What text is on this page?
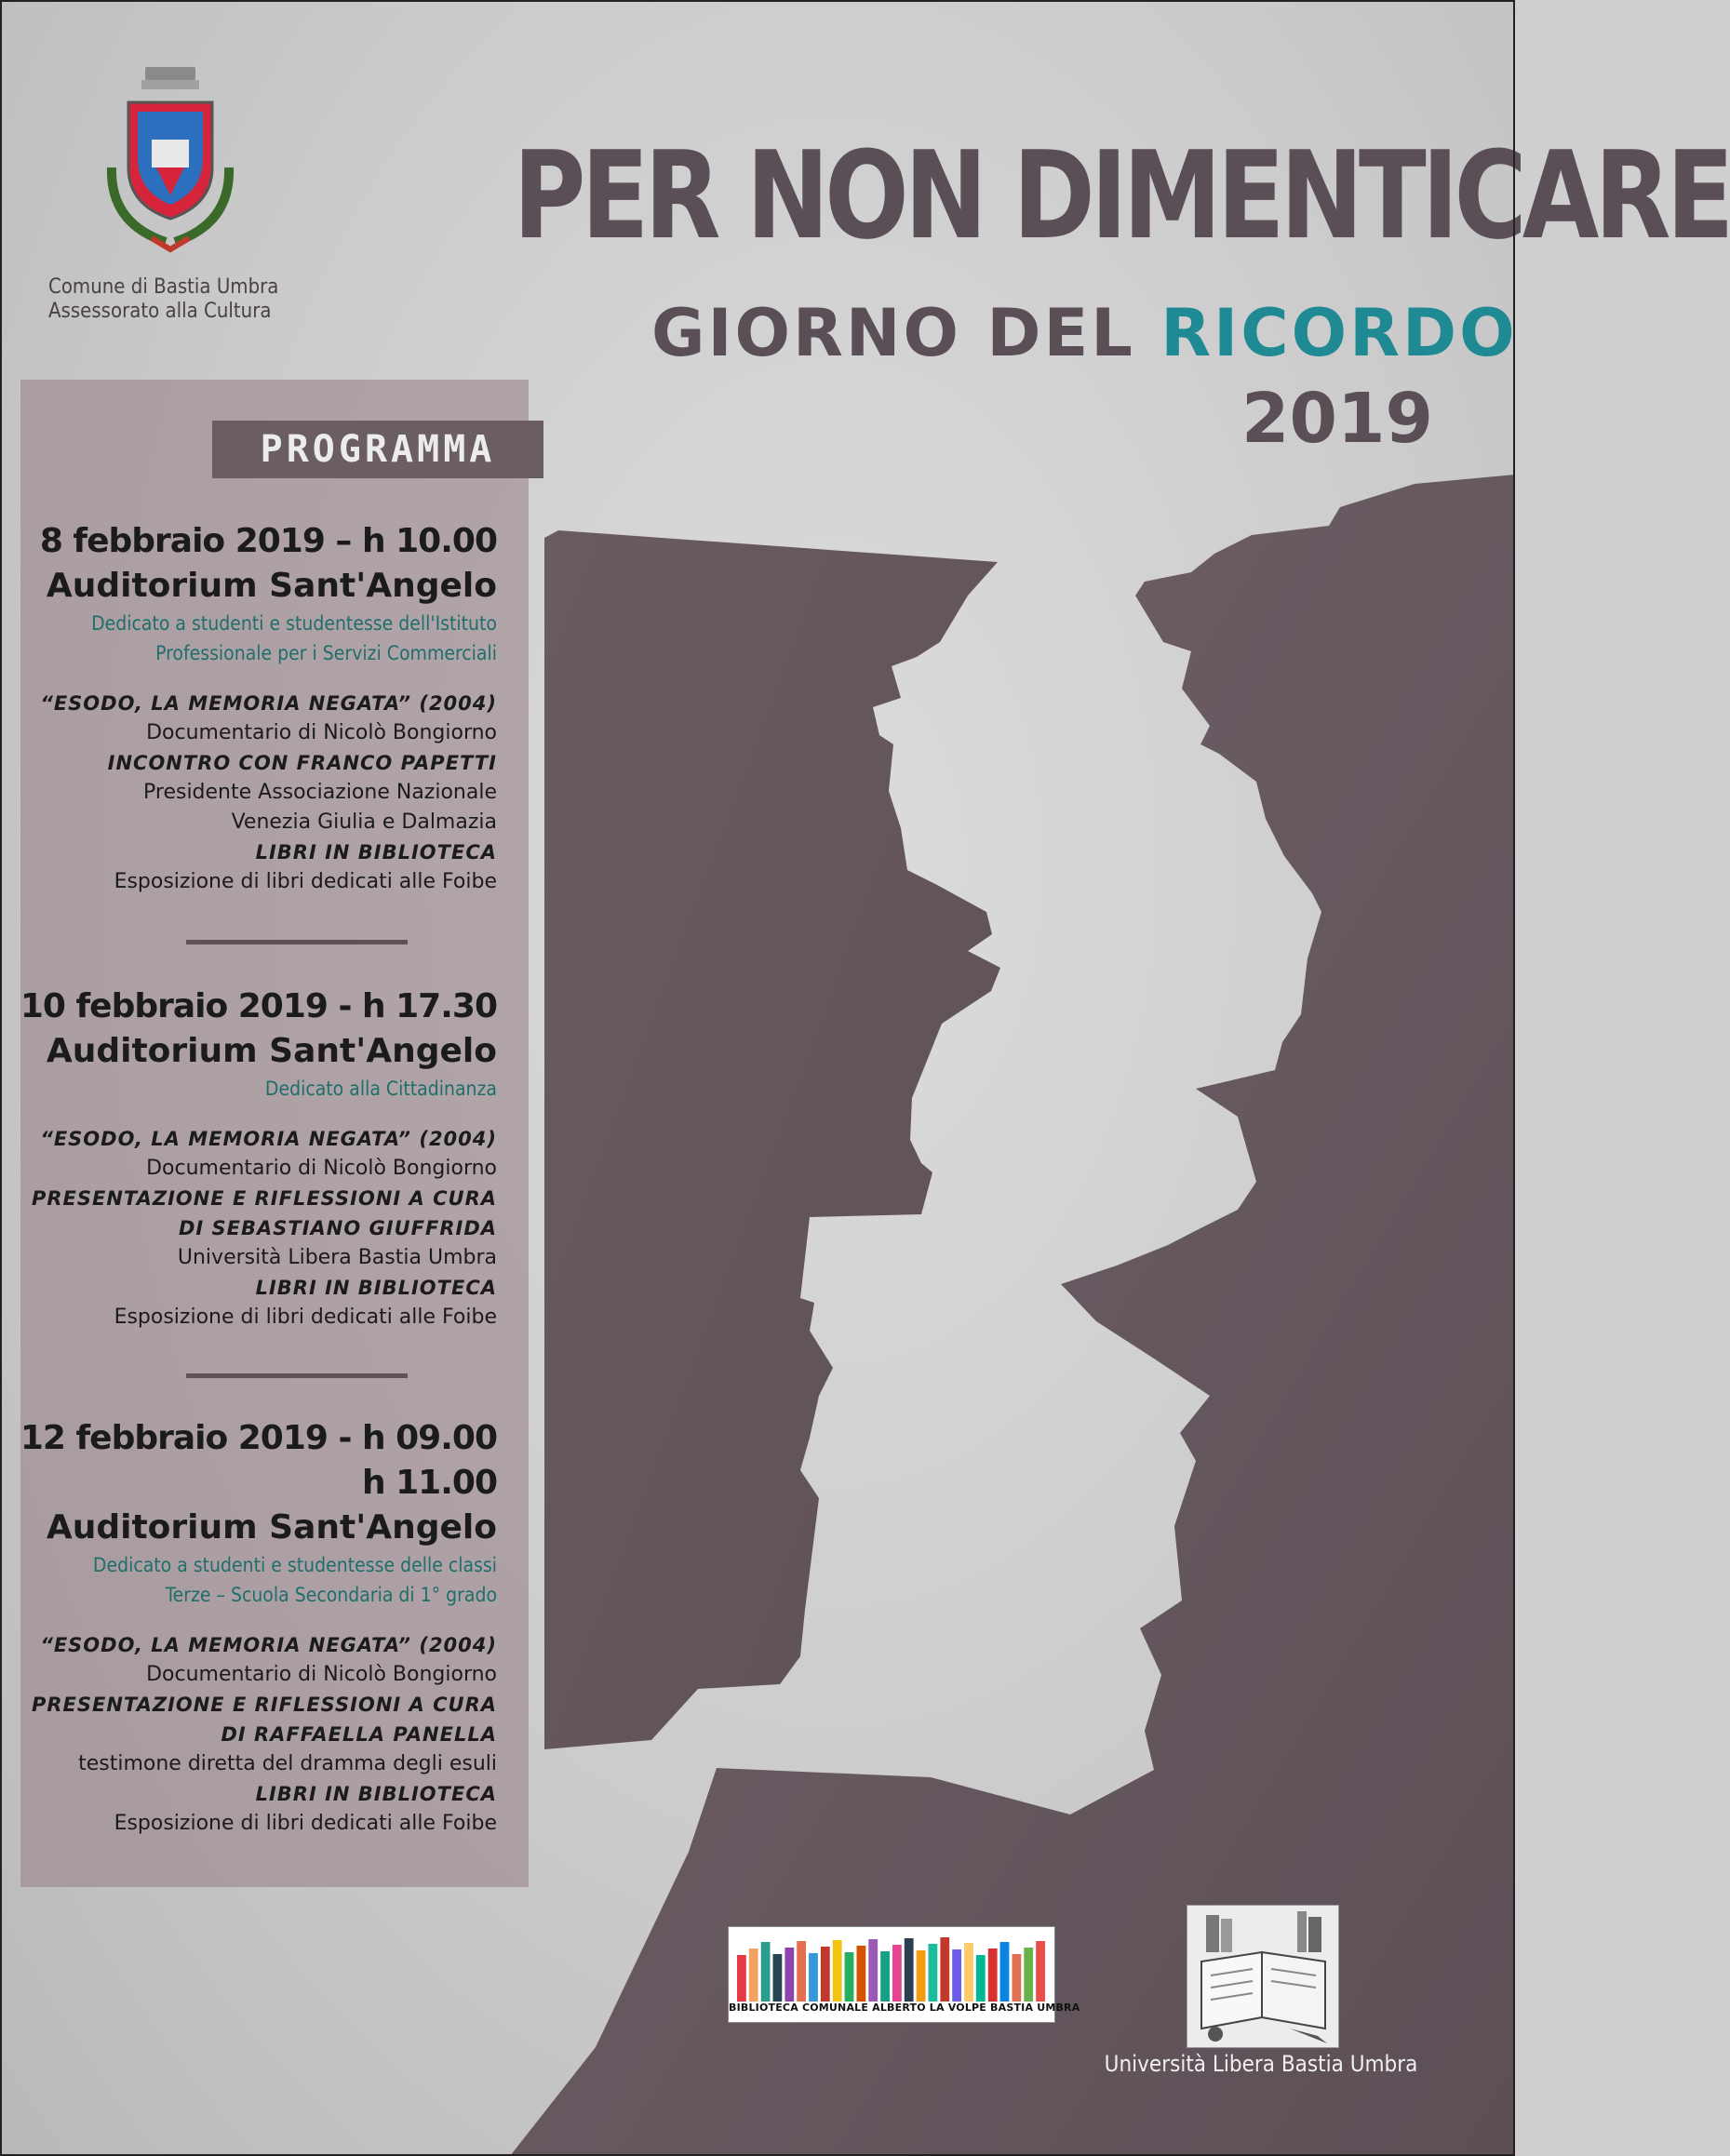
Comune di Bastia Umbra
Assessorato alla Cultura
PER NON DIMENTICARE
GIORNO DEL RICORDO
2019
PROGRAMMA
8 febbraio 2019 – h 10.00
Auditorium Sant'Angelo
Dedicato a studenti e studentesse dell'Istituto
Professionale per i Servizi Commerciali
“ESODO, LA MEMORIA NEGATA” (2004)
Documentario di Nicolò Bongiorno
INCONTRO CON FRANCO PAPETTI
Presidente Associazione Nazionale
Venezia Giulia e Dalmazia
LIBRI IN BIBLIOTECA
Esposizione di libri dedicati alle Foibe
10 febbraio 2019 - h 17.30
Auditorium Sant'Angelo
Dedicato alla Cittadinanza
“ESODO, LA MEMORIA NEGATA” (2004)
Documentario di Nicolò Bongiorno
PRESENTAZIONE E RIFLESSIONI A CURA
DI SEBASTIANO GIUFFRIDA
Università Libera Bastia Umbra
LIBRI IN BIBLIOTECA
Esposizione di libri dedicati alle Foibe
12 febbraio 2019 - h 09.00
h 11.00
Auditorium Sant'Angelo
Dedicato a studenti e studentesse delle classi
Terze – Scuola Secondaria di 1° grado
“ESODO, LA MEMORIA NEGATA” (2004)
Documentario di Nicolò Bongiorno
PRESENTAZIONE E RIFLESSIONI A CURA
DI RAFFAELLA PANELLA
testimone diretta del dramma degli esuli
LIBRI IN BIBLIOTECA
Esposizione di libri dedicati alle Foibe
BIBLIOTECA COMUNALE ALBERTO LA VOLPE BASTIA UMBRA
Università Libera Bastia Umbra
